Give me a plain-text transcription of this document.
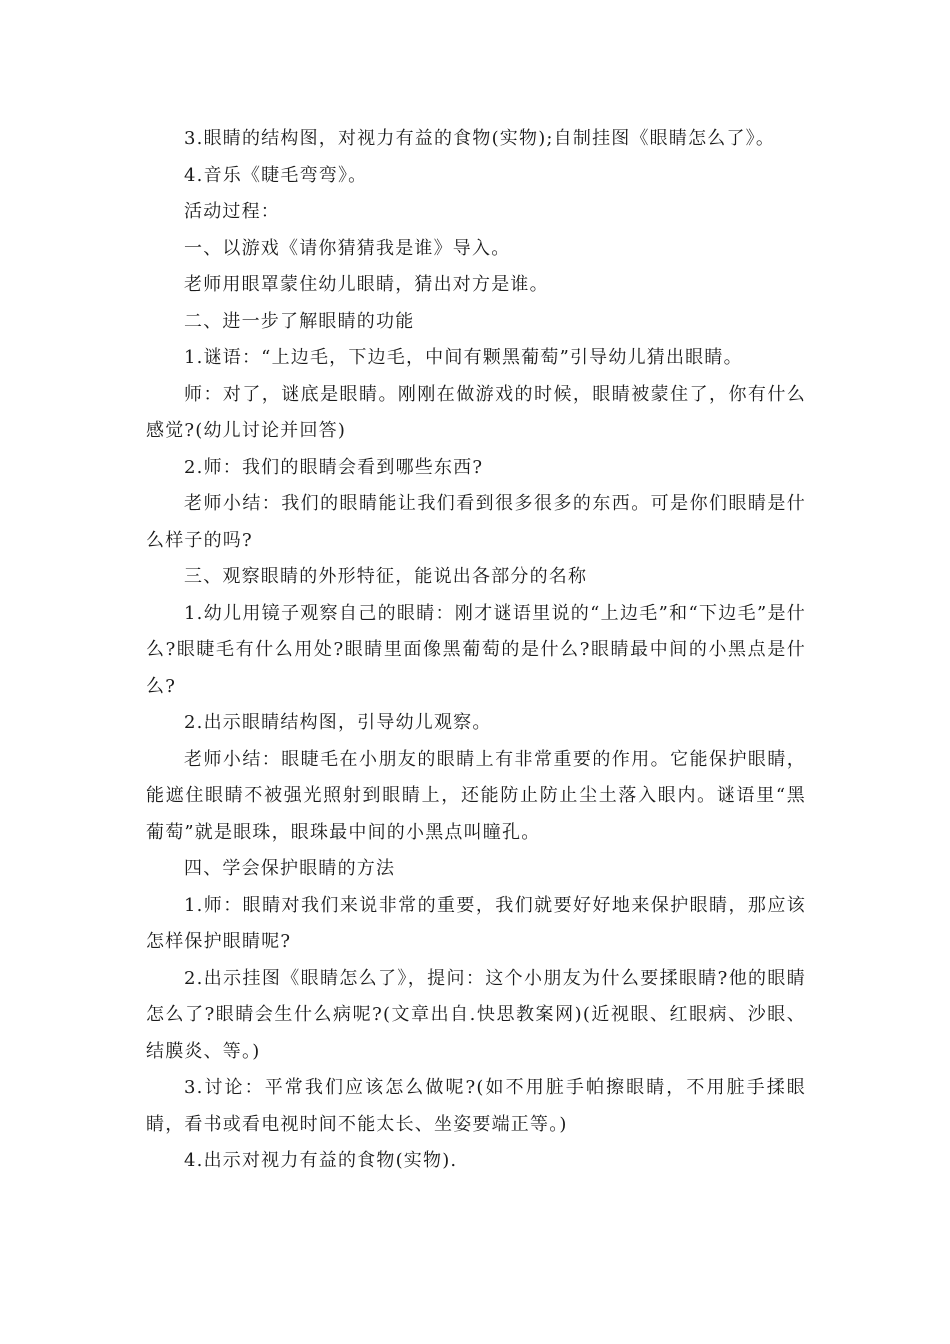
3.眼睛的结构图，对视力有益的食物(实物);自制挂图《眼睛怎么了》。

4.音乐《睫毛弯弯》。

活动过程：

一、以游戏《请你猜猜我是谁》导入。

老师用眼罩蒙住幼儿眼睛，猜出对方是谁。

二、进一步了解眼睛的功能

1.谜语：“上边毛，下边毛，中间有颗黑葡萄”引导幼儿猜出眼睛。

师：对了，谜底是眼睛。刚刚在做游戏的时候，眼睛被蒙住了，你有什么感觉?(幼儿讨论并回答)

2.师：我们的眼睛会看到哪些东西?

老师小结：我们的眼睛能让我们看到很多很多的东西。可是你们眼睛是什么样子的吗?

三、观察眼睛的外形特征，能说出各部分的名称

1.幼儿用镜子观察自己的眼睛：刚才谜语里说的“上边毛”和“下边毛”是什么?眼睫毛有什么用处?眼睛里面像黑葡萄的是什么?眼睛最中间的小黑点是什么?

2.出示眼睛结构图，引导幼儿观察。

老师小结：眼睫毛在小朋友的眼睛上有非常重要的作用。它能保护眼睛，能遮住眼睛不被强光照射到眼睛上，还能防止防止尘土落入眼内。谜语里“黑葡萄”就是眼珠，眼珠最中间的小黑点叫瞳孔。

四、学会保护眼睛的方法

1.师：眼睛对我们来说非常的重要，我们就要好好地来保护眼睛，那应该怎样保护眼睛呢?

2.出示挂图《眼睛怎么了》，提问：这个小朋友为什么要揉眼睛?他的眼睛怎么了?眼睛会生什么病呢?(文章出自.快思教案网)(近视眼、红眼病、沙眼、结膜炎、等。)

3.讨论：平常我们应该怎么做呢?(如不用脏手帕擦眼睛，不用脏手揉眼睛，看书或看电视时间不能太长、坐姿要端正等。)

4.出示对视力有益的食物(实物).
